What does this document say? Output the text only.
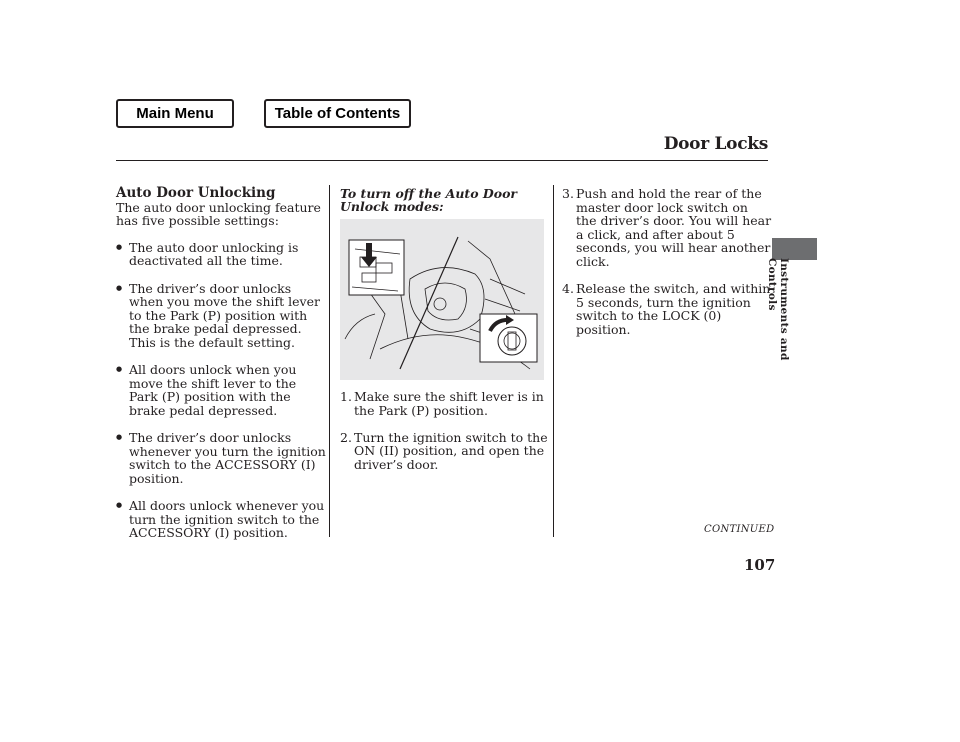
Main Menu	Table of Contents
Door Locks
Instruments and Controls
Auto Door Unlocking

The auto door unlocking feature has five possible settings:

● The auto door unlocking is deactivated all the time.
● The driver’s door unlocks when you move the shift lever to the Park (P) position with the brake pedal depressed.
This is the default setting.
● All doors unlock when you move the shift lever to the Park (P) position with the brake pedal depressed.
● The driver’s door unlocks whenever you turn the ignition switch to the ACCESSORY (I) position.
● All doors unlock whenever you turn the ignition switch to the ACCESSORY (I) position.
To turn off the Auto Door Unlock modes:
1. Make sure the shift lever is in the Park (P) position.
2. Turn the ignition switch to the ON (II) position, and open the driver’s door.
3. Push and hold the rear of the master door lock switch on the driver’s door. You will hear a click, and after about 5 seconds, you will hear another click.
4. Release the switch, and within 5 seconds, turn the ignition switch to the LOCK (0) position.
CONTINUED
107
